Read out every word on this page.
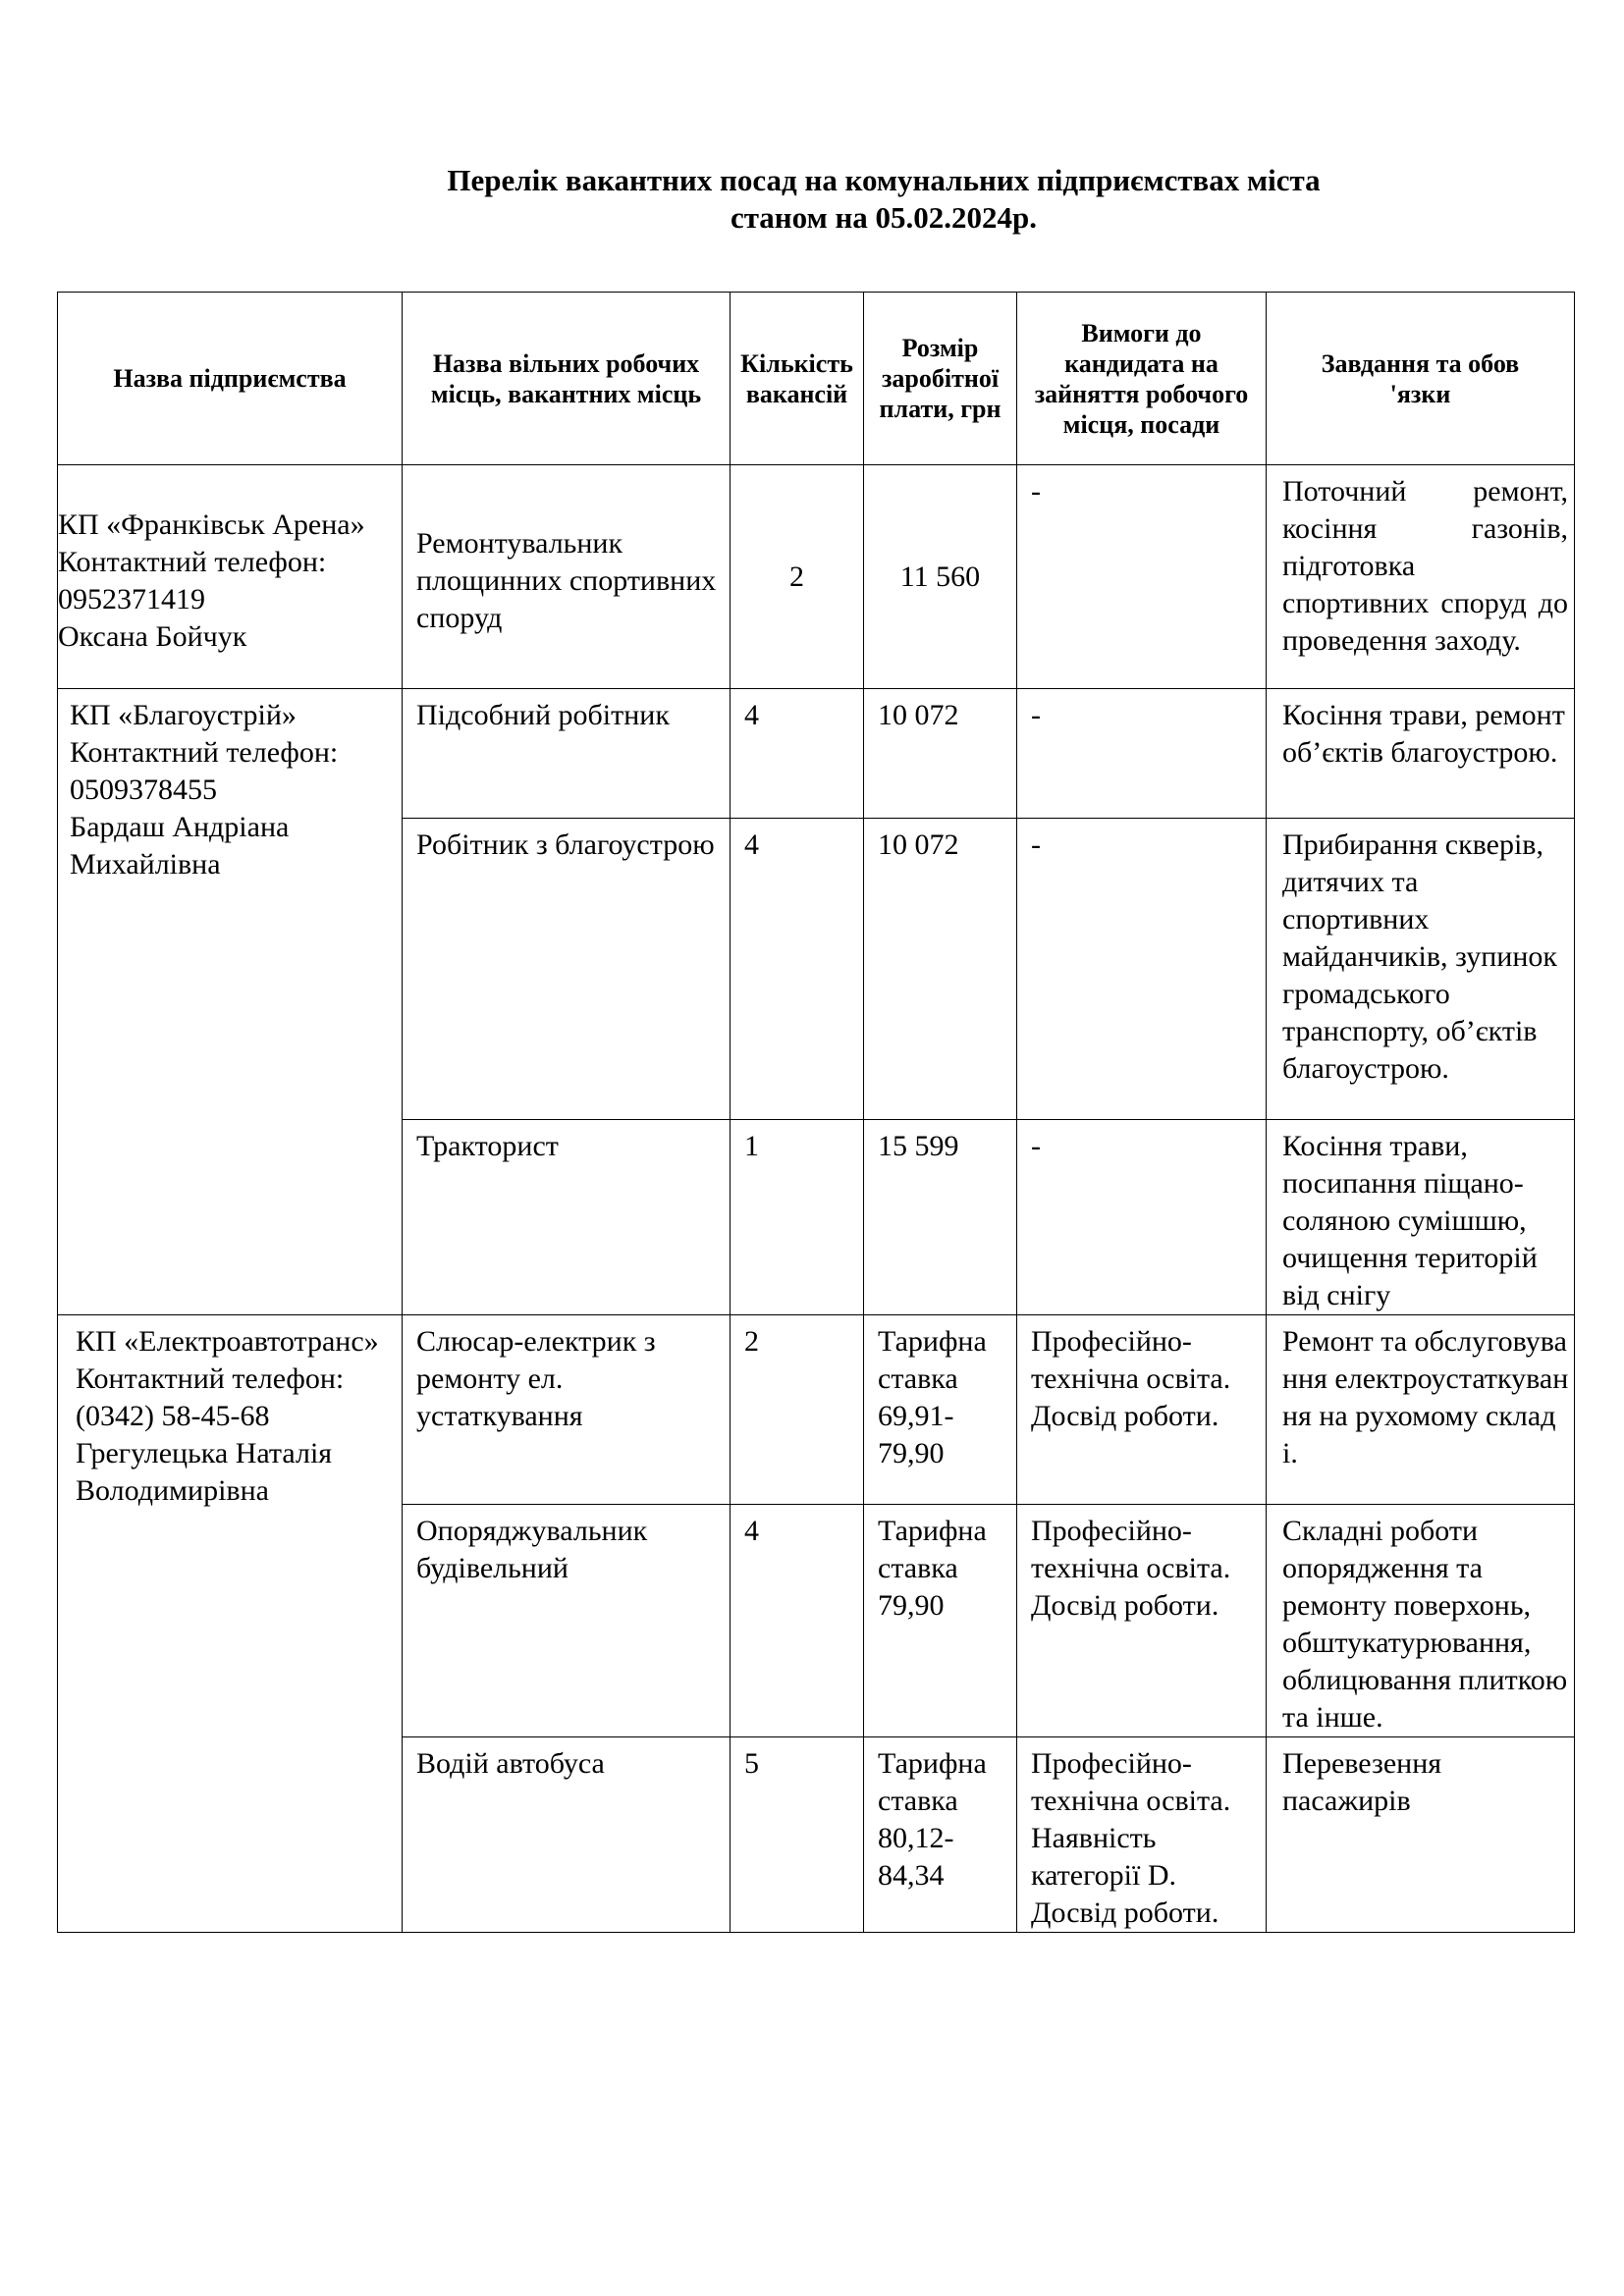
Перелік вакантних посад на комунальних підприємствах міста
станом на 05.02.2024р.
Назва підприємства	Назва вільних робочих місць, вакантних місць	Кількість вакансій	Розмір заробітної плати, грн	Вимоги до кандидата на зайняття робочого місця, посади	Завдання та обов 'язки

КП «Франківськ Арена»
Контактний телефон:
0952371419
Оксана Бойчук	Ремонтувальник площинних спортивних споруд	2	11 560	-	Поточний ремонт, косіння газонів, підготовка спортивних споруд до проведення заходу.

КП «Благоустрій»
Контактний телефон:
0509378455
Бардаш Андріана Михайлівна	Підсобний робітник	4	10 072	-	Косіння трави, ремонт об’єктів благоустрою.

	Робітник з благоустрою	4	10 072	-	Прибирання скверів, дитячих та спортивних майданчиків, зупинок громадського транспорту, об’єктів благоустрою.

	Тракторист	1	15 599	-	Косіння трави, посипання піщано-соляною сумішшю, очищення територій від снігу

КП «Електроавтотранс»
Контактний телефон:
(0342) 58-45-68
Грегулецька Наталія Володимирівна	Слюсар-електрик з ремонту ел. устаткування	2	Тарифна ставка 69,91-79,90	Професійно-технічна освіта. Досвід роботи.	Ремонт та обслуговування електроустаткування на рухомому складі.

	Опоряджувальник будівельний	4	Тарифна ставка 79,90	Професійно-технічна освіта. Досвід роботи.	Складні роботи опорядження та ремонту поверхонь, обштукатурювання, облицювання плиткою та інше.

	Водій автобуса	5	Тарифна ставка 80,12-84,34	Професійно-технічна освіта. Наявність категорії D. Досвід роботи.	Перевезення пасажирів
